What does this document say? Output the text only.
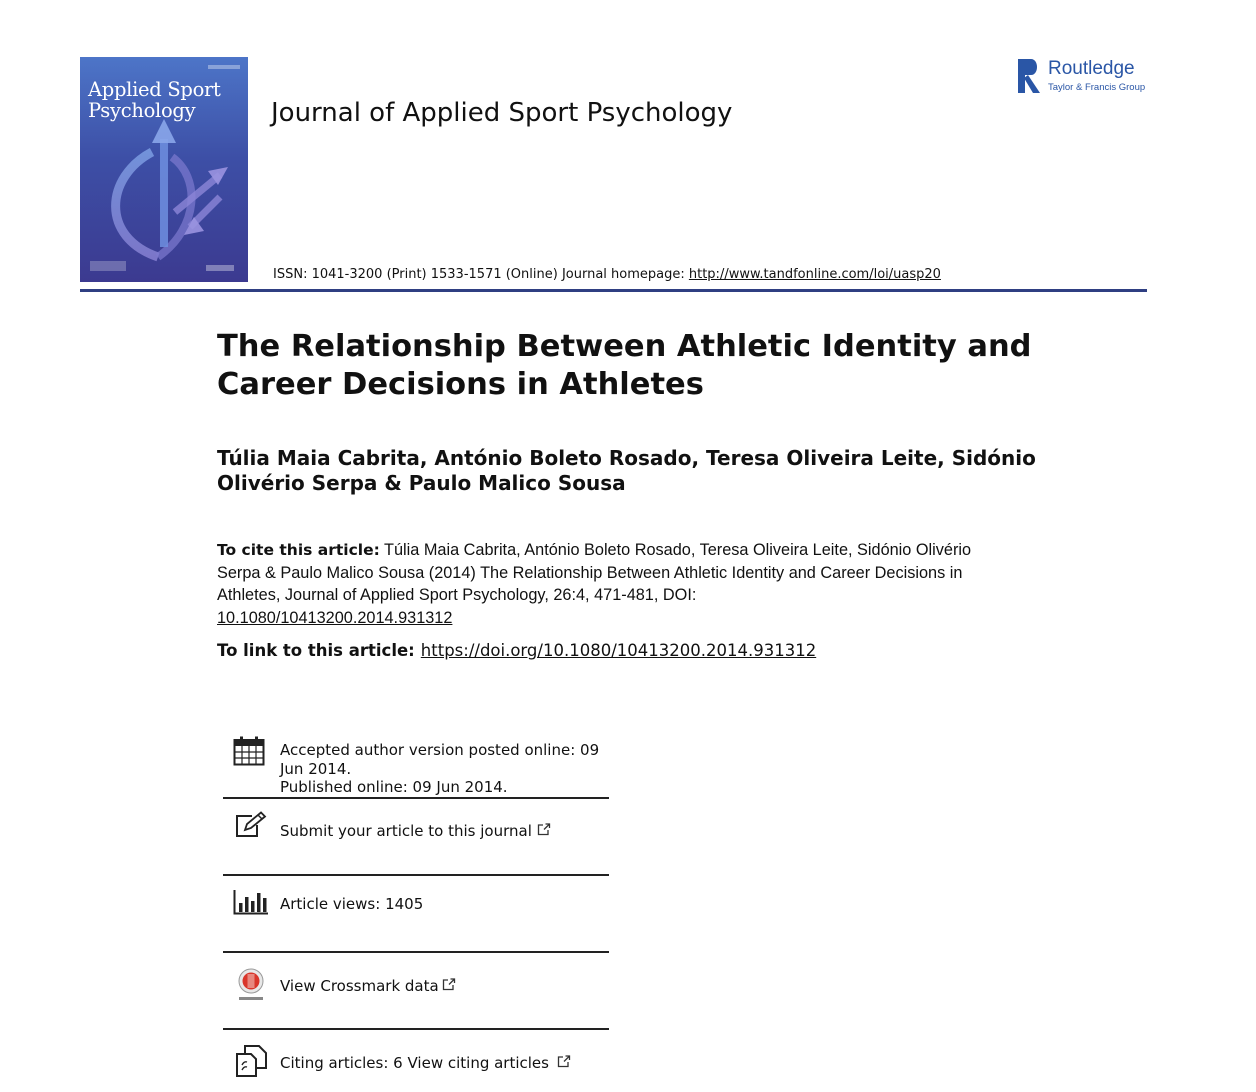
Applied Sport
Psychology	Journal of Applied Sport Psychology
Routledge
Taylor & Francis Group
ISSN: 1041-3200 (Print) 1533-1571 (Online) Journal homepage: http://www.tandfonline.com/loi/uasp20
The Relationship Between Athletic Identity and Career Decisions in Athletes
Túlia Maia Cabrita, António Boleto Rosado, Teresa Oliveira Leite, Sidónio Olivério Serpa & Paulo Malico Sousa
To cite this article: Túlia Maia Cabrita, António Boleto Rosado, Teresa Oliveira Leite, Sidónio Olivério Serpa & Paulo Malico Sousa (2014) The Relationship Between Athletic Identity and Career Decisions in Athletes, Journal of Applied Sport Psychology, 26:4, 471-481, DOI:
10.1080/10413200.2014.931312
To link to this article: https://doi.org/10.1080/10413200.2014.931312
Accepted author version posted online: 09
Jun 2014.
Published online: 09 Jun 2014.
Submit your article to this journal
Article views: 1405
View Crossmark data
Citing articles: 6 View citing articles
